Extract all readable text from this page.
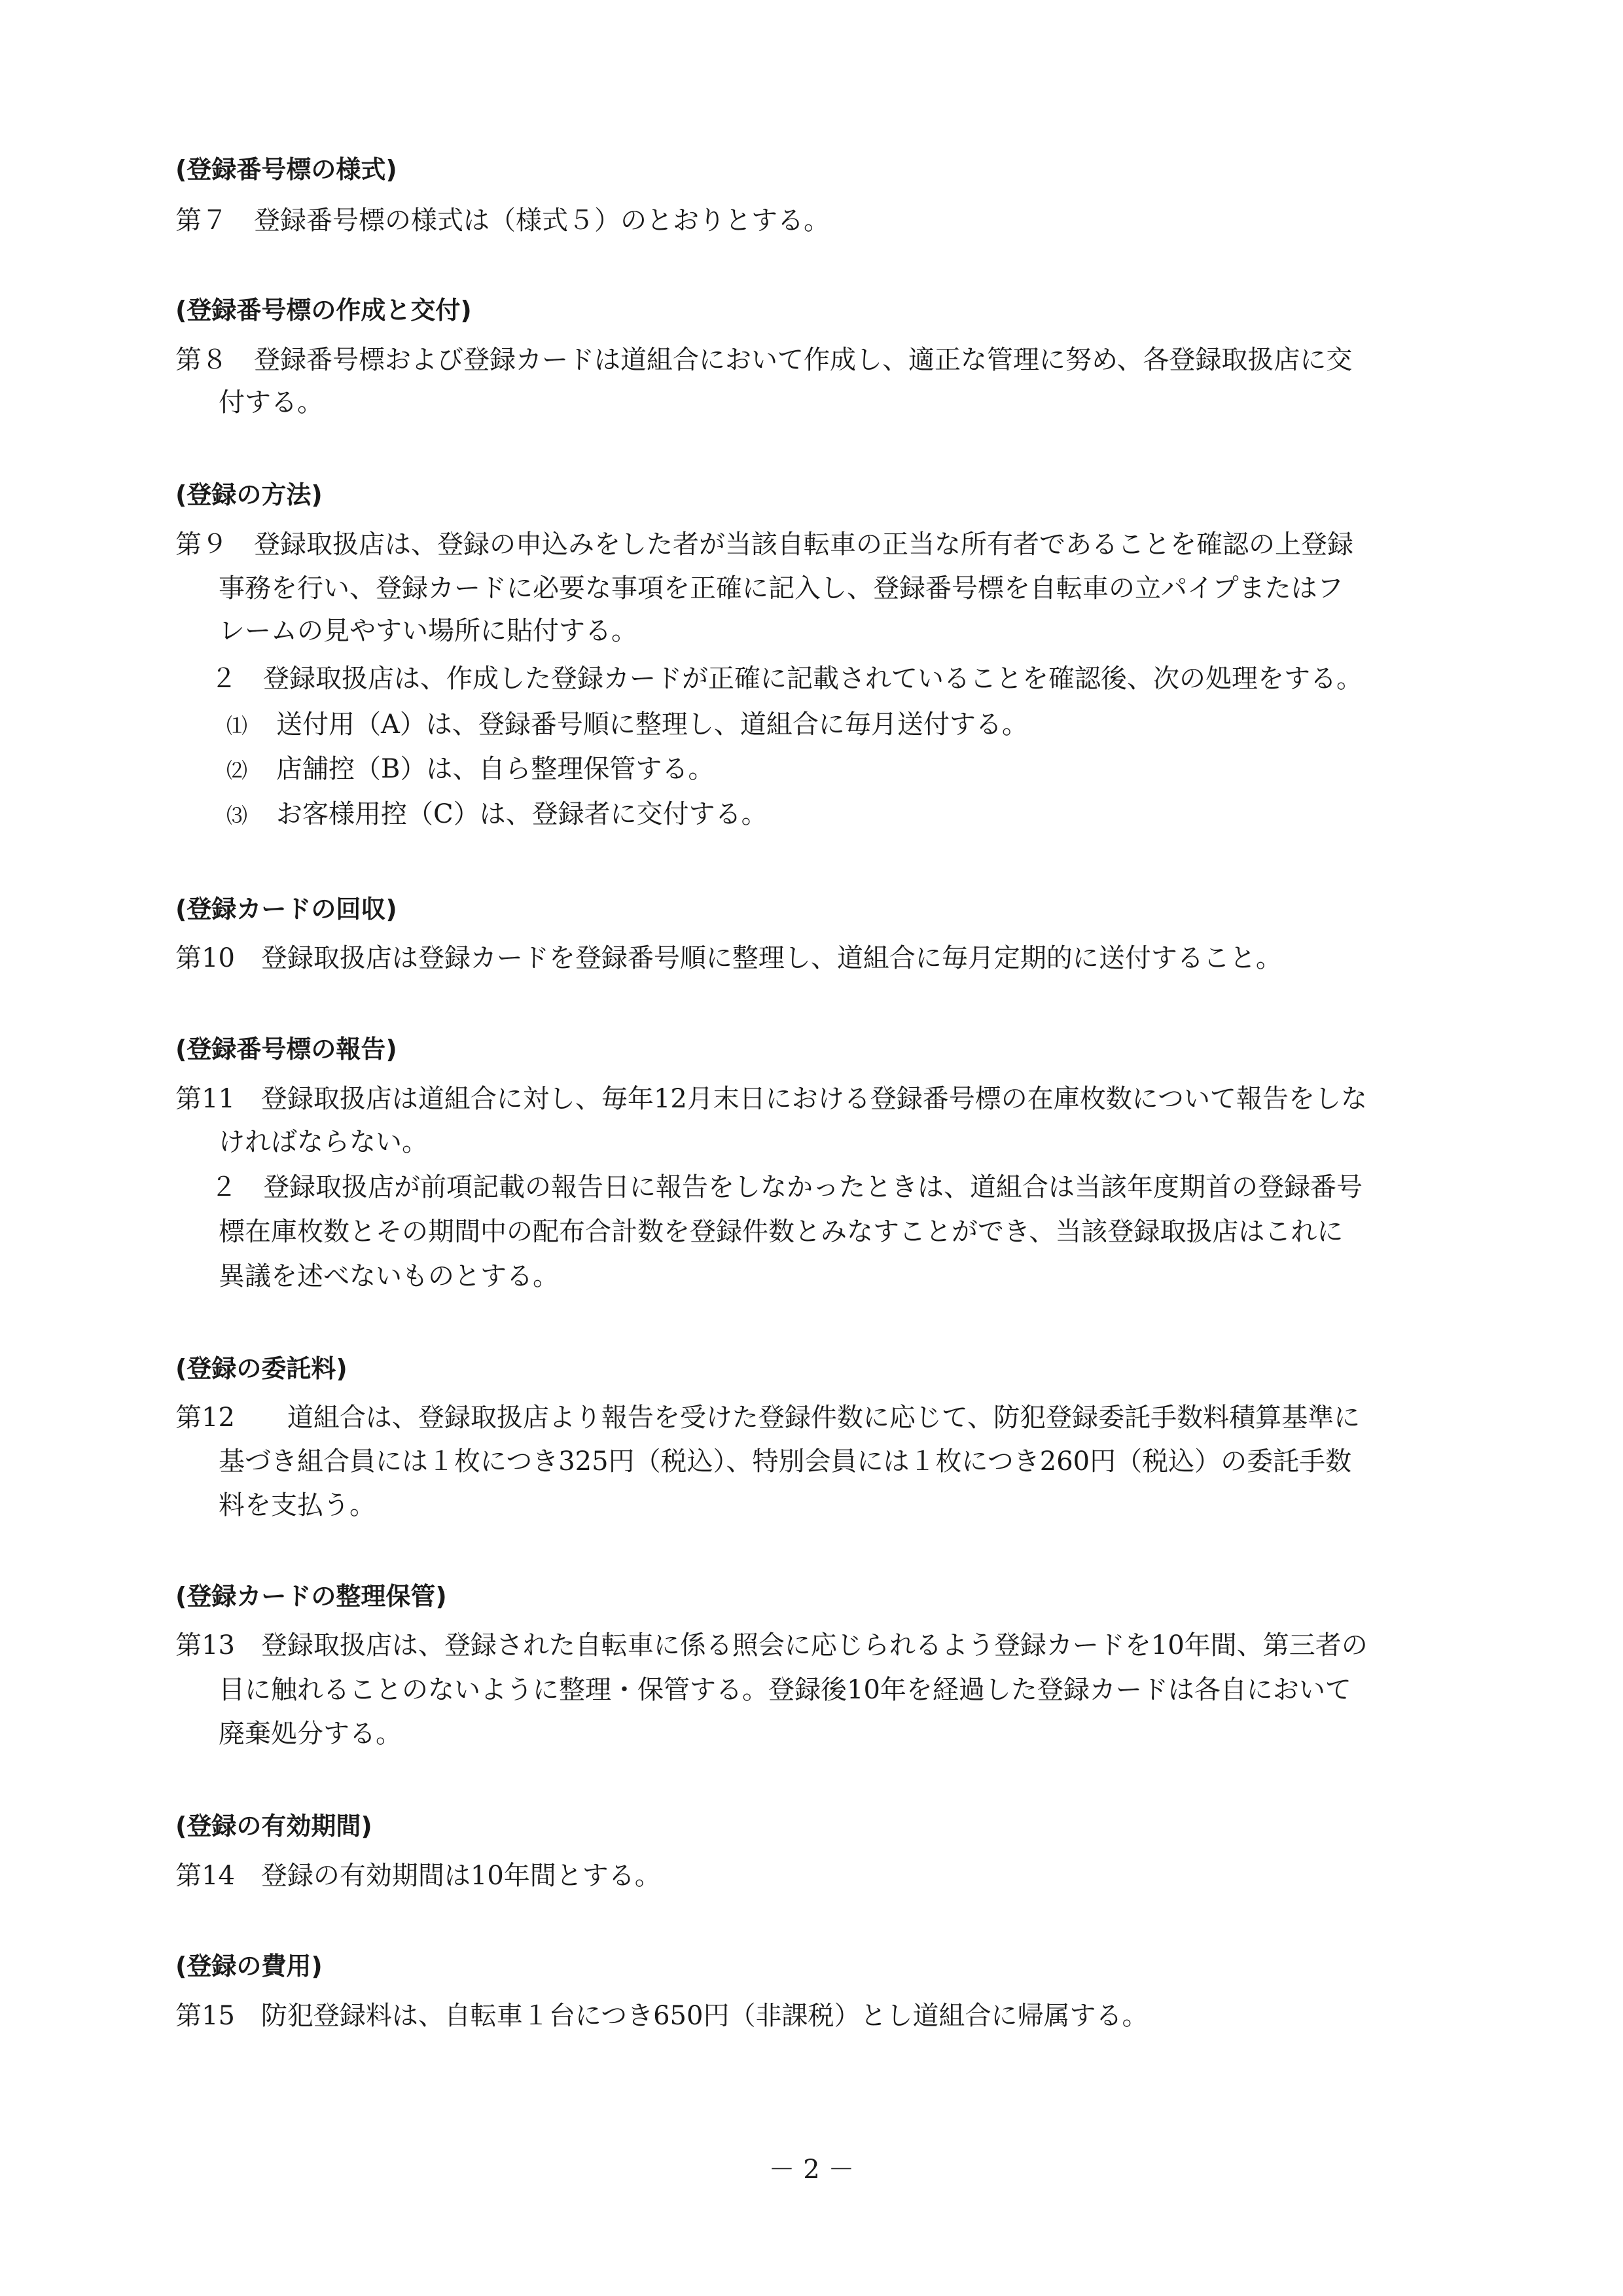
(登録番号標の様式)
第７　登録番号標の様式は（様式５）のとおりとする。
(登録番号標の作成と交付)
第８　登録番号標および登録カードは道組合において作成し、適正な管理に努め、各登録取扱店に交
付する。
(登録の方法)
第９　登録取扱店は、登録の申込みをした者が当該自転車の正当な所有者であることを確認の上登録
事務を行い、登録カードに必要な事項を正確に記入し、登録番号標を自転車の立パイプまたはフ
レームの見やすい場所に貼付する。
２　登録取扱店は、作成した登録カードが正確に記載されていることを確認後、次の処理をする。
⑴ 送付用（A）は、登録番号順に整理し、道組合に毎月送付する。
⑵ 店舗控（B）は、自ら整理保管する。
⑶ お客様用控（C）は、登録者に交付する。
(登録カードの回収)
第10　登録取扱店は登録カードを登録番号順に整理し、道組合に毎月定期的に送付すること。
(登録番号標の報告)
第11　登録取扱店は道組合に対し、毎年12月末日における登録番号標の在庫枚数について報告をしな
ければならない。
２　登録取扱店が前項記載の報告日に報告をしなかったときは、道組合は当該年度期首の登録番号
標在庫枚数とその期間中の配布合計数を登録件数とみなすことができ、当該登録取扱店はこれに
異議を述べないものとする。
(登録の委託料)
第12　　道組合は、登録取扱店より報告を受けた登録件数に応じて、防犯登録委託手数料積算基準に
基づき組合員には１枚につき325円（税込）、特別会員には１枚につき260円（税込）の委託手数
料を支払う。
(登録カードの整理保管)
第13　登録取扱店は、登録された自転車に係る照会に応じられるよう登録カードを10年間、第三者の
目に触れることのないように整理・保管する。登録後10年を経過した登録カードは各自において
廃棄処分する。
(登録の有効期間)
第14　登録の有効期間は10年間とする。
(登録の費用)
第15　防犯登録料は、自転車１台につき650円（非課税）とし道組合に帰属する。
－ 2 －
